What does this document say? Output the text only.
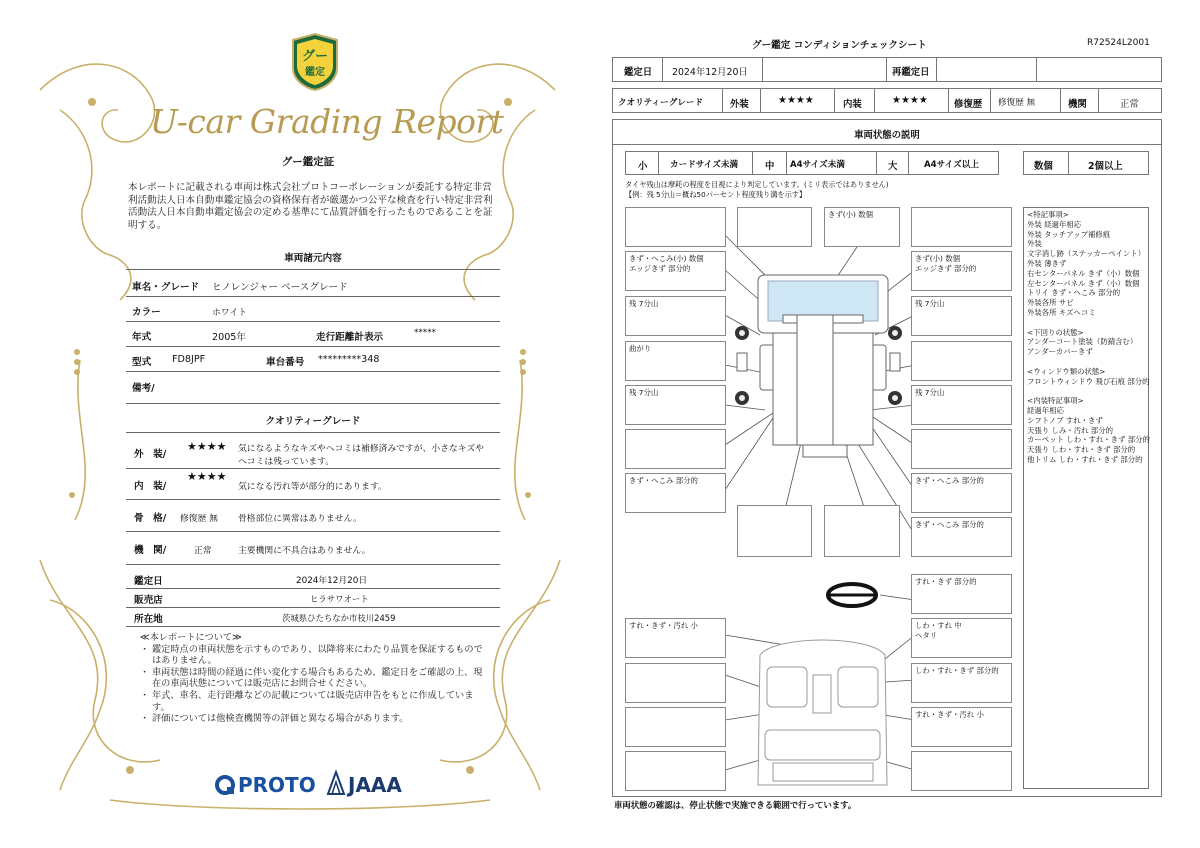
グー
鑑定
U-car Grading Report
グー鑑定証
本レポートに記載される車両は株式会社プロトコーポレーションが委託する特定非営利活動法人日本自動車鑑定協会の資格保有者が厳選かつ公平な検査を行い特定非営利活動法人日本自動車鑑定協会の定める基準にて品質評価を行ったものであることを証明する。
車両諸元内容
車名・グレード ヒノレンジャー ベースグレード
カラー	ホワイト
年式	2005年	走行距離計表示	*****
型式 FD8JPF	車台番号 *********348
備考/
クオリティーグレード
外　装/
★★★★ 気になるようなキズやヘコミは補修済みですが、小さなキズや
ヘコミは残っています。
内　装/
★★★★
気になる汚れ等が部分的にあります。
骨　格/ 修復歴 無 骨格部位に異常はありません。
機　関/	正常	主要機関に不具合はありません。
鑑定日	2024年12月20日
販売店	ヒラサワオート
所在地	茨城県ひたちなか市枝川2459
≪本レポートについて≫
・ 鑑定時点の車両状態を示すものであり、以降将来にわたり品質を保証するものではありません。
・ 車両状態は時間の経過に伴い変化する場合もあるため、鑑定日をご確認の上、現在の車両状態については販売店にお問合せください。
・ 年式、車名、走行距離などの記載については販売店申告をもとに作成しています。
・ 評価については他検査機関等の評価と異なる場合があります。
PROTO JAAA
グー鑑定 コンディションチェックシート	R72524L2001
鑑定日 2024年12月20日	再鑑定日
クオリティーグレード	外装	★★★★	内装	★★★★	修復歴 修復歴 無	機関	正常
車両状態の説明
小	カードサイズ未満	中 A4サイズ未満	大	A4サイズ以上	数個	2個以上
タイヤ残山は摩耗の程度を目視により判定しています。(ミリ表示ではありません)
【例：残 5分山＝概ね50パーセント程度残り溝を示す】
きず(小) 数個
きず・へこみ(小) 数個
エッジきず 部分的
きず(小) 数個
エッジきず 部分的
残 7分山	残 7分山
曲がり
残 7分山	残 7分山
きず・へこみ 部分的	きず・へこみ 部分的
きず・へこみ 部分的
すれ・きず 部分的
すれ・きず・汚れ 小	しわ・すれ 中
ヘタリ
しわ・すれ・きず 部分的
すれ・きず・汚れ 小
車両状態の確認は、停止状態で実施できる範囲で行っています。
<特記事項>
外装 経過年相応
外装 タッチアップ補修痕
外装
文字消し跡（ステッカーペイント）
外装 薄きず
右センターパネル きず（小）数個
左センターパネル きず（小）数個
トリイ きず・へこみ 部分的
外装各所 サビ
外装各所 キズヘコミ
<下回りの状態>
アンダーコート塗装（防錆含む）
アンダーカバーきず
<ウィンドウ類の状態>
フロントウィンドウ 飛び石痕 部分的
<内装特記事項>
経過年相応
シフトノブ すれ・きず
天張り しみ・汚れ 部分的
カーペット しわ・すれ・きず 部分的
天張り しわ・すれ・きず 部分的
他トリム しわ・すれ・きず 部分的
